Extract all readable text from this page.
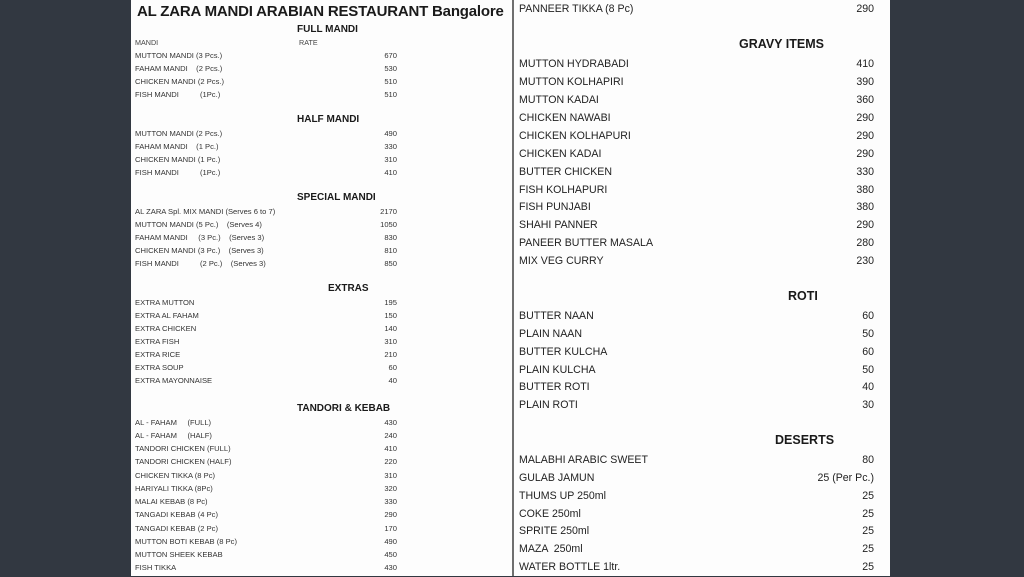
AL ZARA MANDI ARABIAN RESTAURANT Bangalore
FULL MANDI
MANDI	RATE
MUTTON MANDI (3 Pcs.)	670
FAHAM MANDI    (2 Pcs.)	530
CHICKEN MANDI (2 Pcs.)	510
FISH MANDI          (1Pc.)	510
HALF MANDI
MUTTON MANDI (2 Pcs.)	490
FAHAM MANDI    (1 Pc.)	330
CHICKEN MANDI (1 Pc.)	310
FISH MANDI          (1Pc.)	410
SPECIAL MANDI
AL ZARA Spl. MIX MANDI (Serves 6 to 7)	2170
MUTTON MANDI (5 Pc.)    (Serves 4)	1050
FAHAM MANDI     (3 Pc.)    (Serves 3)	830
CHICKEN MANDI (3 Pc.)    (Serves 3)	810
FISH MANDI          (2 Pc.)    (Serves 3)	850
EXTRAS
EXTRA MUTTON	195
EXTRA AL FAHAM	150
EXTRA CHICKEN	140
EXTRA FISH	310
EXTRA RICE	210
EXTRA SOUP	60
EXTRA MAYONNAISE	40
TANDORI & KEBAB
AL - FAHAM     (FULL)	430
AL - FAHAM     (HALF)	240
TANDORI CHICKEN (FULL)	410
TANDORI CHICKEN (HALF)	220
CHICKEN TIKKA (8 Pc)	310
HARIYALI TIKKA (8Pc)	320
MALAI KEBAB (8 Pc)	330
TANGADI KEBAB (4 Pc)	290
TANGADI KEBAB (2 Pc)	170
MUTTON BOTI KEBAB (8 Pc)	490
MUTTON SHEEK KEBAB	450
FISH TIKKA	430
PANNEER TIKKA (8 Pc)	290
GRAVY ITEMS
MUTTON HYDRABADI	410
MUTTON KOLHAPIRI	390
MUTTON KADAI	360
CHICKEN NAWABI	290
CHICKEN KOLHAPURI	290
CHICKEN KADAI	290
BUTTER CHICKEN	330
FISH KOLHAPURI	380
FISH PUNJABI	380
SHAHI PANNER	290
PANEER BUTTER MASALA	280
MIX VEG CURRY	230
ROTI
BUTTER NAAN	60
PLAIN NAAN	50
BUTTER KULCHA	60
PLAIN KULCHA	50
BUTTER ROTI	40
PLAIN ROTI	30
DESERTS
MALABHI ARABIC SWEET	80
GULAB JAMUN	25 (Per Pc.)
THUMS UP 250ml	25
COKE 250ml	25
SPRITE 250ml	25
MAZA  250ml	25
WATER BOTTLE 1ltr.	25
